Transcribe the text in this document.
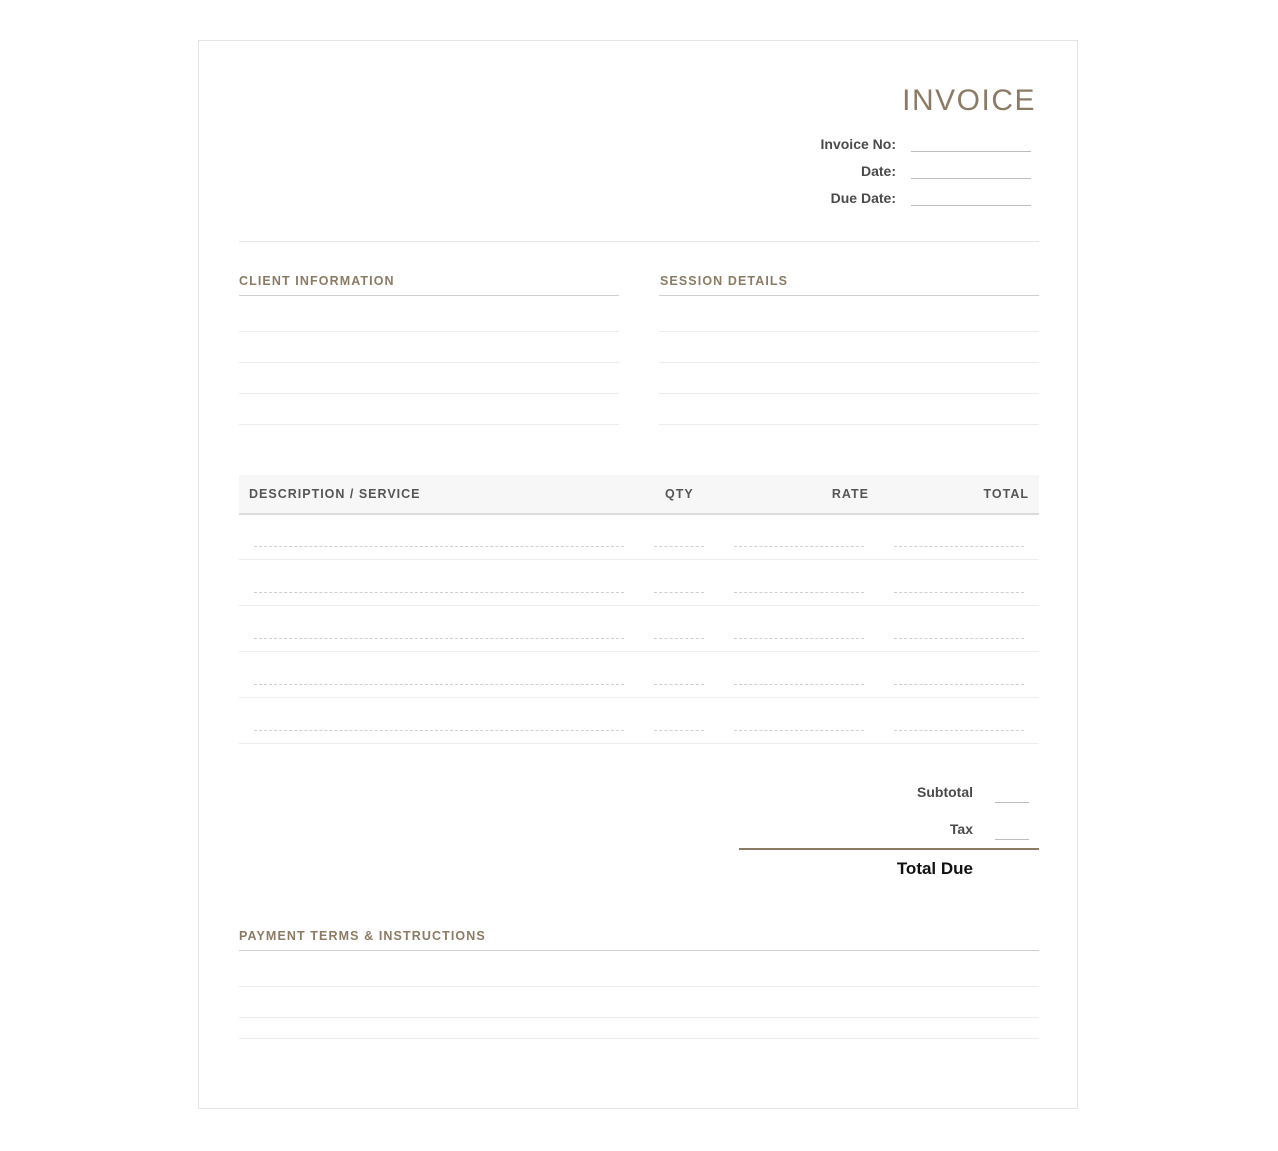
INVOICE
Invoice No:
Date:
Due Date:
CLIENT INFORMATION	SESSION DETAILS
DESCRIPTION / SERVICE	QTY	RATE	TOTAL
Subtotal
Tax
Total Due
PAYMENT TERMS & INSTRUCTIONS
